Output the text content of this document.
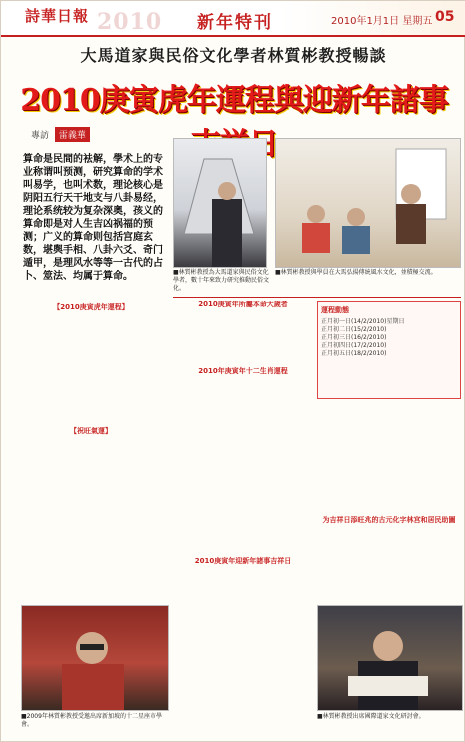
詩華日報 2010 新年特刊	2010年1月1日 星期五 05
大馬道家與民俗文化學者林質彬教授暢談
2010庚寅虎年運程與迎新年諸事
專訪 雷義華
算命是民間的袪解，學术上的专业称谓叫预测，研究算命的学术叫易学，也叫术数，理论核心是阴阳五行天干地支与八卦易经，理论系统较为复杂深奥，孩义的算命即是对人生吉凶祸福的预测；广义的算命则包括宫庭玄数，堪舆手相、八卦六爻、奇门遁甲，是理风水等等一古代的占卜、筮法、均属于算命。

【2010庚寅虎年運程】

【祝旺氣運】

■林質彬教授為大馬道家與民俗文化學者，數十年來致力研究推動民俗文化。
■林質彬教授與學員在大馬弘揚傳統風水文化，並積極交流。

2010庚寅年所屬本命大歲者

2010年庚寅年十二生肖運程

2010庚寅年迎新年諸事吉祥日

運程動態
正月初一日(14/2/2010)星期日
正月初二日(15/2/2010)
正月初三日(16/2/2010)
正月初四日(17/2/2010)
正月初五日(18/2/2010)

为吉祥日添旺兆的古元化字林宫和居民助圖

■2009年林質彬教授受邀出席新加坡的十二星座市學會。
■林質彬教授出席國際道家文化研討會。
